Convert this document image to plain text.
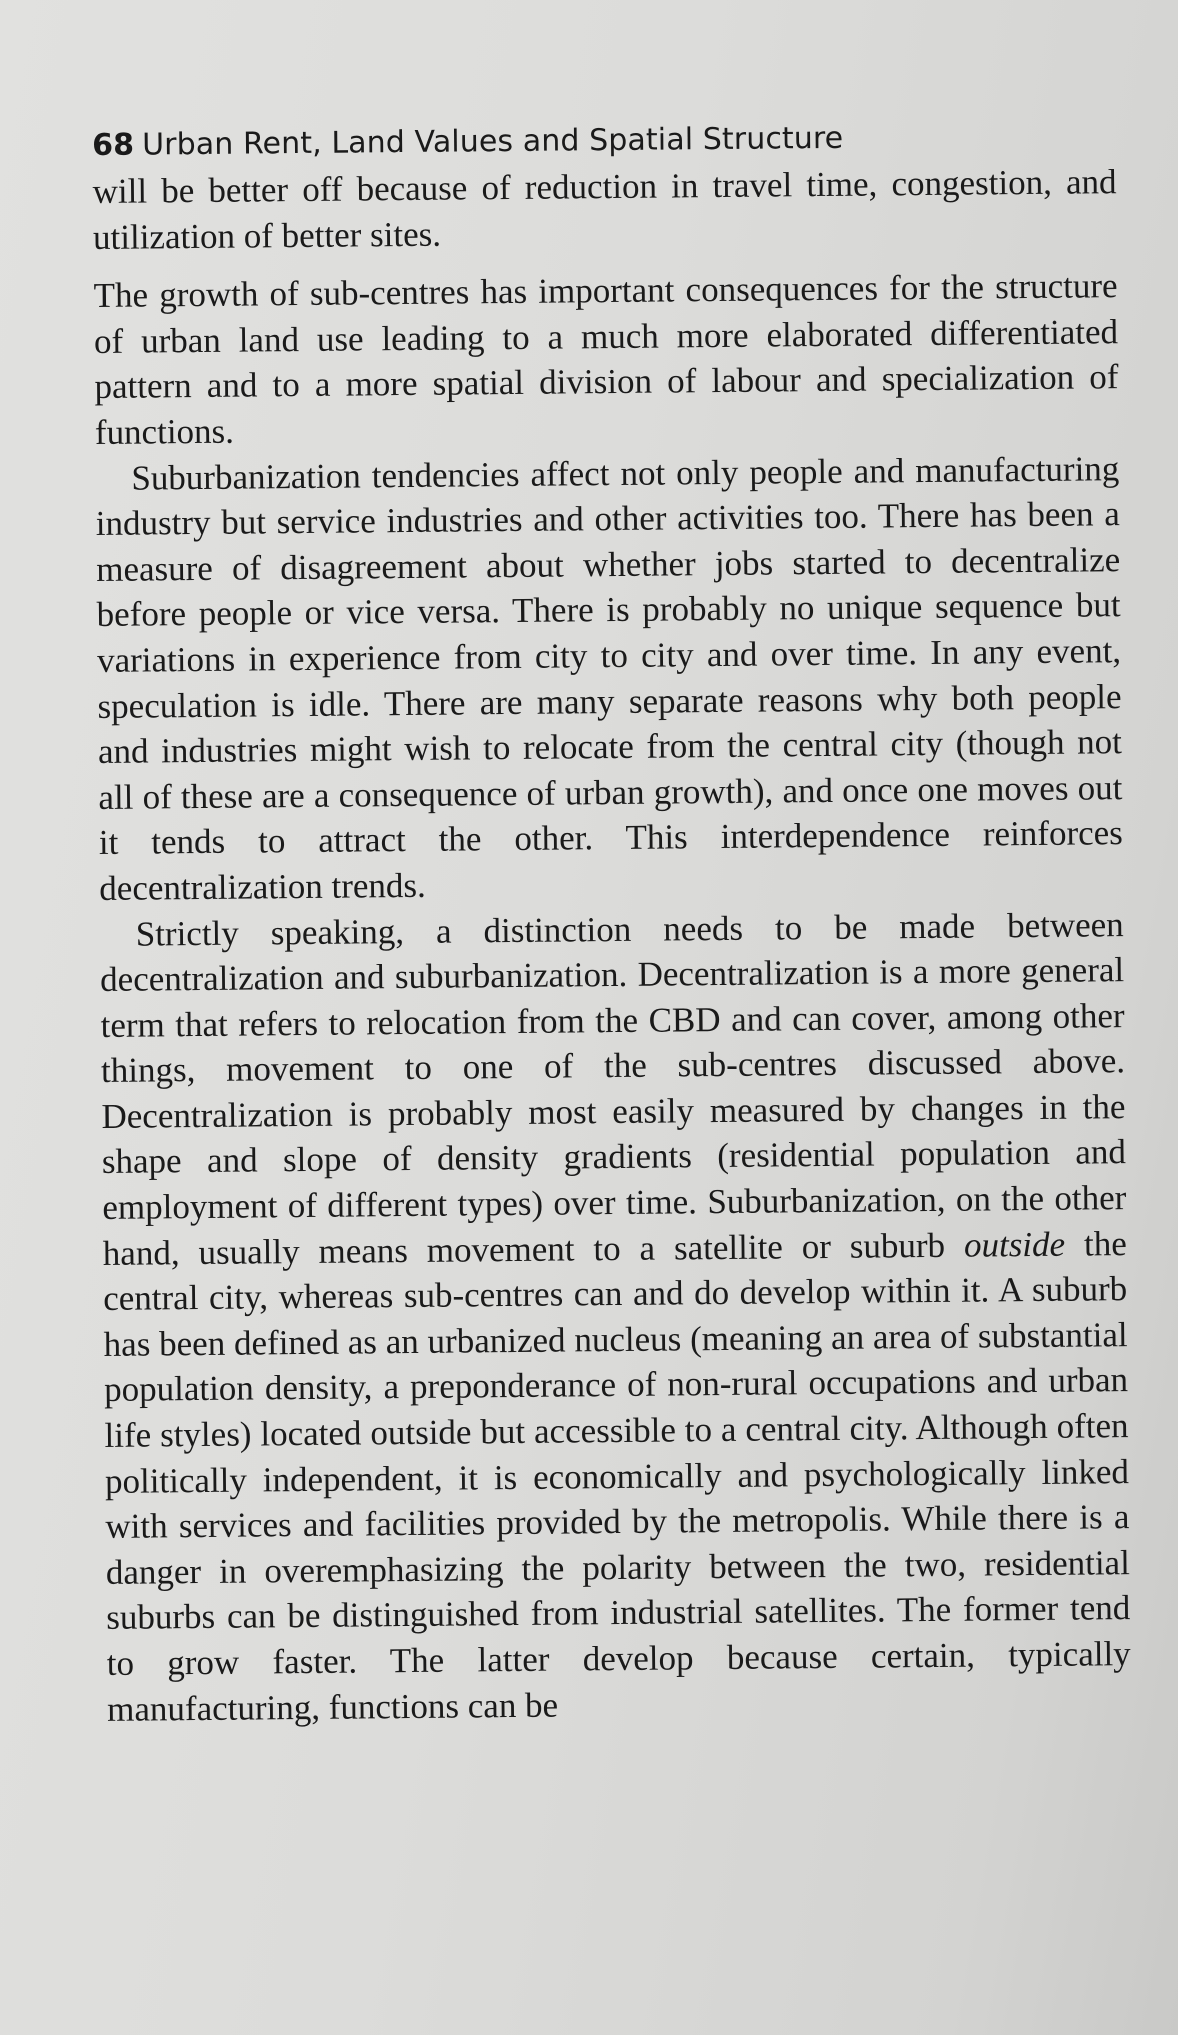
68 Urban Rent, Land Values and Spatial Structure

will be better off because of reduction in travel time, congestion, and utilization of better sites.

The growth of sub-centres has important consequences for the structure of urban land use leading to a much more elaborated differentiated pattern and to a more spatial division of labour and specialization of functions.

Suburbanization tendencies affect not only people and manufacturing industry but service industries and other activities too. There has been a measure of disagreement about whether jobs started to decentralize before people or vice versa. There is probably no unique sequence but variations in experience from city to city and over time. In any event, speculation is idle. There are many separate reasons why both people and industries might wish to relocate from the central city (though not all of these are a consequence of urban growth), and once one moves out it tends to attract the other. This interdependence reinforces decentralization trends.

Strictly speaking, a distinction needs to be made between decentralization and suburbanization. Decentralization is a more general term that refers to relocation from the CBD and can cover, among other things, movement to one of the sub-centres discussed above. Decentralization is probably most easily measured by changes in the shape and slope of density gradients (residential population and employment of different types) over time. Suburbanization, on the other hand, usually means movement to a satellite or suburb outside the central city, whereas sub-centres can and do develop within it. A suburb has been defined as an urbanized nucleus (meaning an area of substantial population density, a preponderance of non-rural occupations and urban life styles) located outside but accessible to a central city. Although often politically independent, it is economically and psychologically linked with services and facilities provided by the metropolis. While there is a danger in overemphasizing the polarity between the two, residential suburbs can be distinguished from industrial satellites. The former tend to grow faster. The latter develop because certain, typically manufacturing, functions can be
